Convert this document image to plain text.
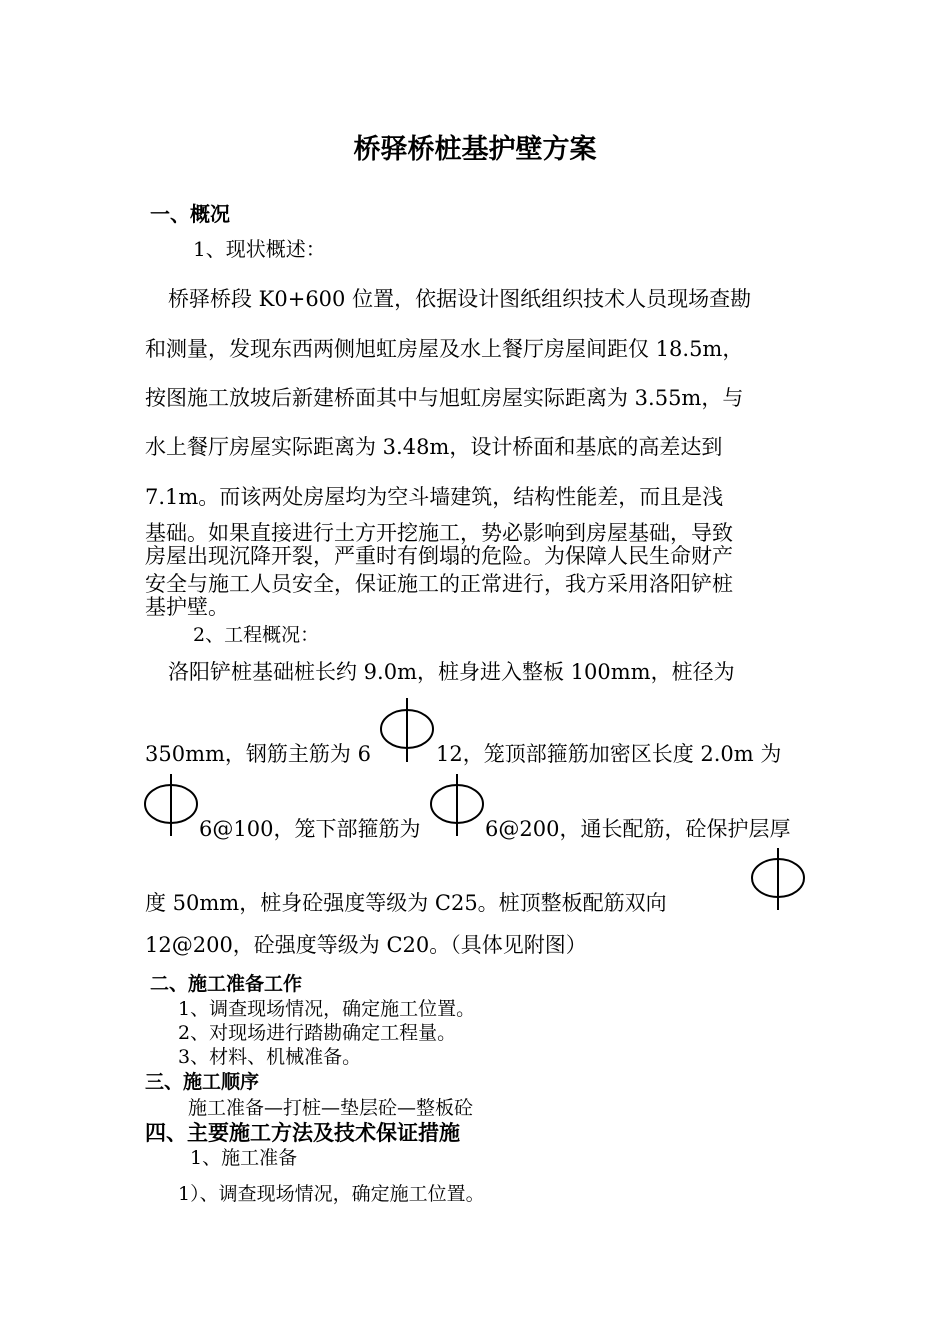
桥驿桥桩基护壁方案
一、概况
1、现状概述：
桥驿桥段 K0+600 位置，依据设计图纸组织技术人员现场查勘
和测量，发现东西两侧旭虹房屋及水上餐厅房屋间距仅 18.5m，
按图施工放坡后新建桥面其中与旭虹房屋实际距离为 3.55m，与
水上餐厅房屋实际距离为 3.48m，设计桥面和基底的高差达到
7.1m。而该两处房屋均为空斗墙建筑，结构性能差，而且是浅
基础。如果直接进行土方开挖施工，势必影响到房屋基础，导致
房屋出现沉降开裂，严重时有倒塌的危险。为保障人民生命财产
安全与施工人员安全，保证施工的正常进行，我方采用洛阳铲桩
基护壁。
2、工程概况：
洛阳铲桩基础桩长约 9.0m，桩身进入整板 100mm，桩径为
350mm，钢筋主筋为 6	12，笼顶部箍筋加密区长度 2.0m 为
6@100，笼下部箍筋为	6@200，通长配筋，砼保护层厚
度 50mm，桩身砼强度等级为 C25。桩顶整板配筋双向
12@200，砼强度等级为 C20。（具体见附图）
二、施工准备工作
1、调查现场情况，确定施工位置。
2、对现场进行踏勘确定工程量。
3、材料、机械准备。
三、施工顺序
施工准备—打桩—垫层砼—整板砼
四、主要施工方法及技术保证措施
1、施工准备
1）、调查现场情况，确定施工位置。
